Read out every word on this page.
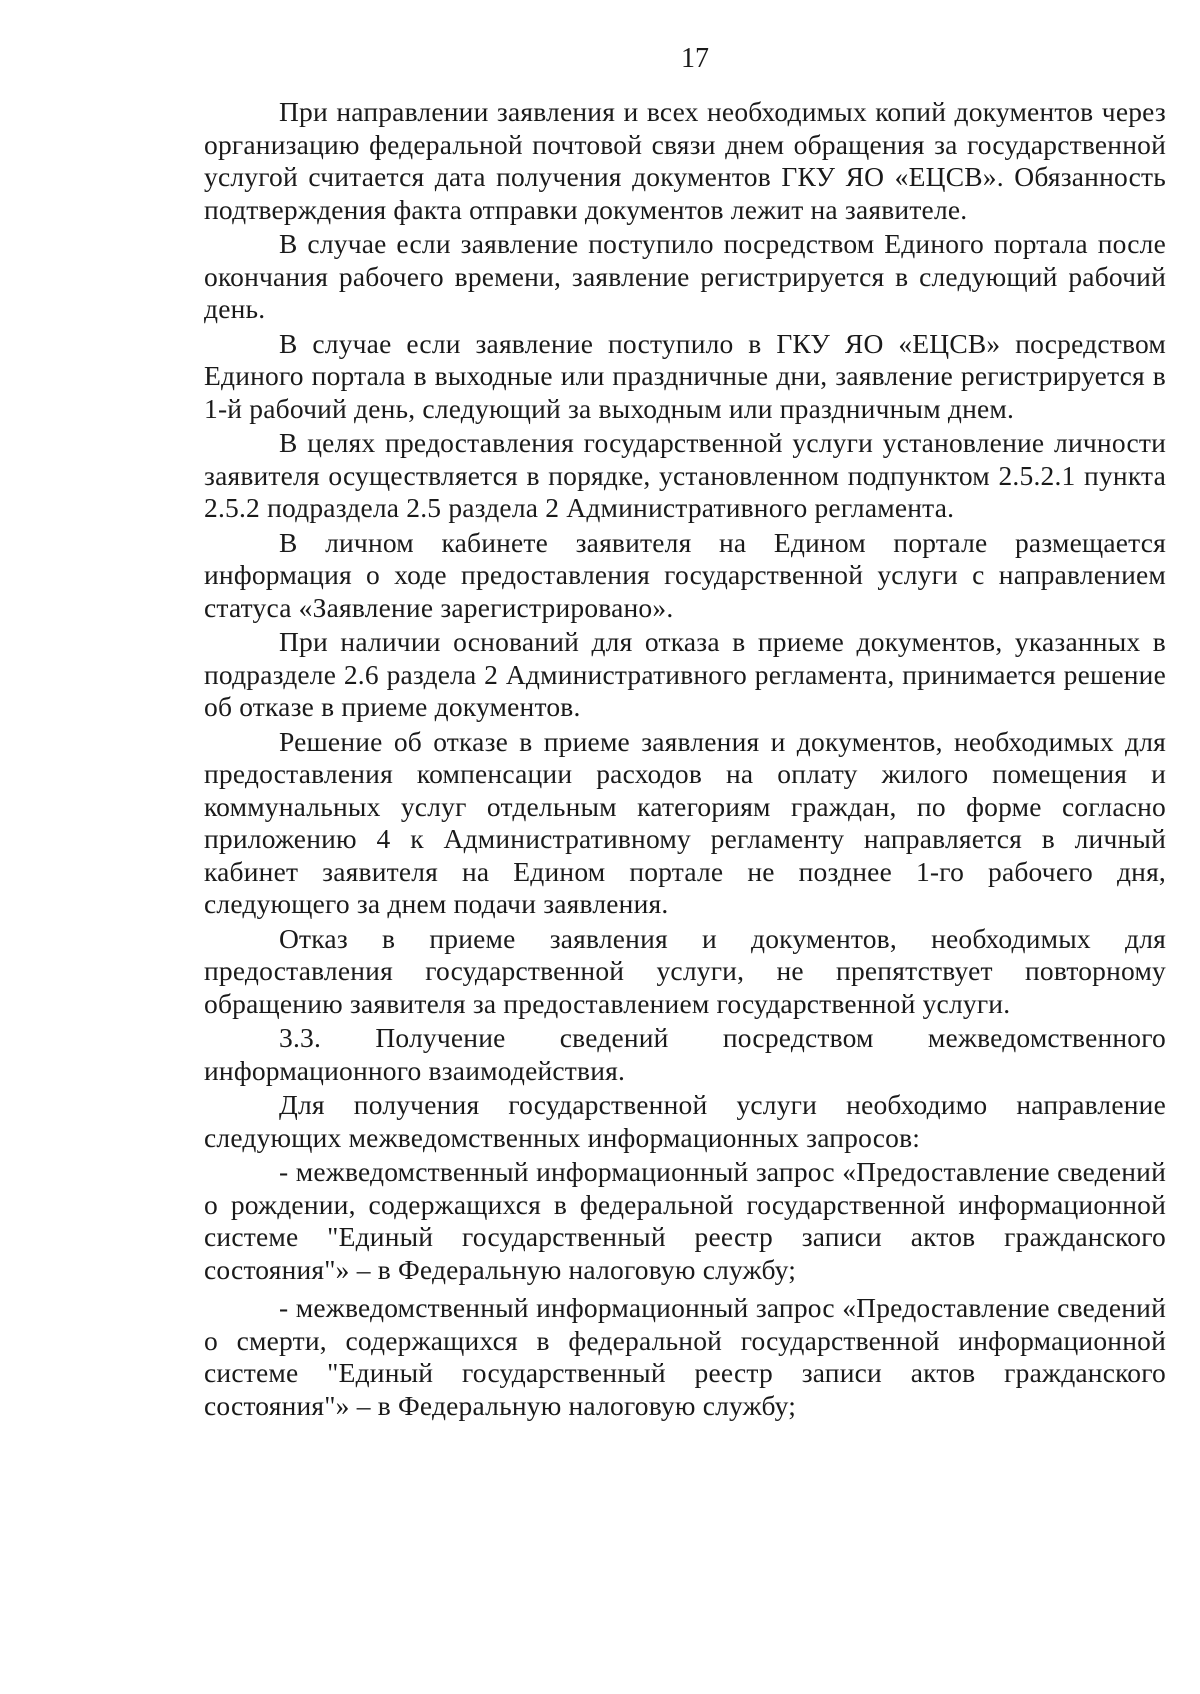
17

При направлении заявления и всех необходимых копий документов через организацию федеральной почтовой связи днем обращения за государственной услугой считается дата получения документов ГКУ ЯО «ЕЦСВ». Обязанность подтверждения факта отправки документов лежит на заявителе.

В случае если заявление поступило посредством Единого портала после окончания рабочего времени, заявление регистрируется в следующий рабочий день.

В случае если заявление поступило в ГКУ ЯО «ЕЦСВ» посредством Единого портала в выходные или праздничные дни, заявление регистрируется в 1-й рабочий день, следующий за выходным или праздничным днем.

В целях предоставления государственной услуги установление личности заявителя осуществляется в порядке, установленном подпунктом 2.5.2.1 пункта 2.5.2 подраздела 2.5 раздела 2 Административного регламента.

В личном кабинете заявителя на Едином портале размещается информация о ходе предоставления государственной услуги с направлением статуса «Заявление зарегистрировано».

При наличии оснований для отказа в приеме документов, указанных в подразделе 2.6 раздела 2 Административного регламента, принимается решение об отказе в приеме документов.

Решение об отказе в приеме заявления и документов, необходимых для предоставления компенсации расходов на оплату жилого помещения и коммунальных услуг отдельным категориям граждан, по форме согласно приложению 4 к Административному регламенту направляется в личный кабинет заявителя на Едином портале не позднее 1-го рабочего дня, следующего за днем подачи заявления.

Отказ в приеме заявления и документов, необходимых для предоставления государственной услуги, не препятствует повторному обращению заявителя за предоставлением государственной услуги.

3.3. Получение сведений посредством межведомственного информационного взаимодействия.

Для получения государственной услуги необходимо направление следующих межведомственных информационных запросов:

- межведомственный информационный запрос «Предоставление сведений о рождении, содержащихся в федеральной государственной информационной системе "Единый государственный реестр записи актов гражданского состояния"» – в Федеральную налоговую службу;

- межведомственный информационный запрос «Предоставление сведений о смерти, содержащихся в федеральной государственной информационной системе "Единый государственный реестр записи актов гражданского состояния"» – в Федеральную налоговую службу;
